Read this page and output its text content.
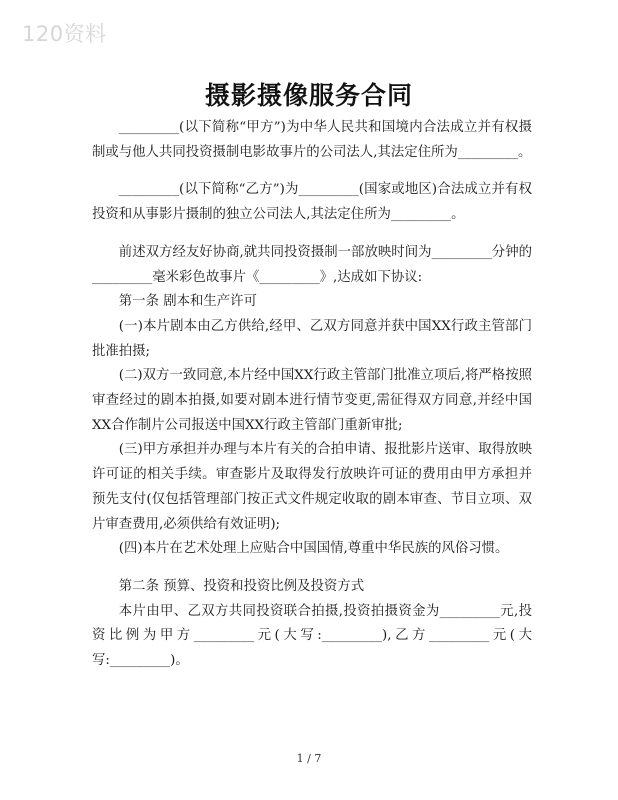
120资料
摄影摄像服务合同

_________(以下简称“甲方”)为中华人民共和国境内合法成立并有权摄制或与他人共同投资摄制电影故事片的公司法人,其法定住所为_________。

_________(以下简称“乙方”)为_________(国家或地区)合法成立并有权投资和从事影片摄制的独立公司法人,其法定住所为_________。

前述双方经友好协商,就共同投资摄制一部放映时间为_________分钟的_________毫米彩色故事片《_________》,达成如下协议:

第一条 剧本和生产许可

(一)本片剧本由乙方供给,经甲、乙双方同意并获中国XX行政主管部门批准拍摄;

(二)双方一致同意,本片经中国XX行政主管部门批准立项后,将严格按照审查经过的剧本拍摄,如要对剧本进行情节变更,需征得双方同意,并经中国XX合作制片公司报送中国XX行政主管部门重新审批;

(三)甲方承担并办理与本片有关的合拍申请、报批影片送审、取得放映许可证的相关手续。审查影片及取得发行放映许可证的费用由甲方承担并预先支付(仅包括管理部门按正式文件规定收取的剧本审查、节目立项、双片审查费用,必须供给有效证明);

(四)本片在艺术处理上应贴合中国国情,尊重中华民族的风俗习惯。

第二条 预算、投资和投资比例及投资方式

本片由甲、乙双方共同投资联合拍摄,投资拍摄资金为_________元,投资比例为甲方_________元(大写:_________),乙方_________元(大写:_________)。

1 / 7
